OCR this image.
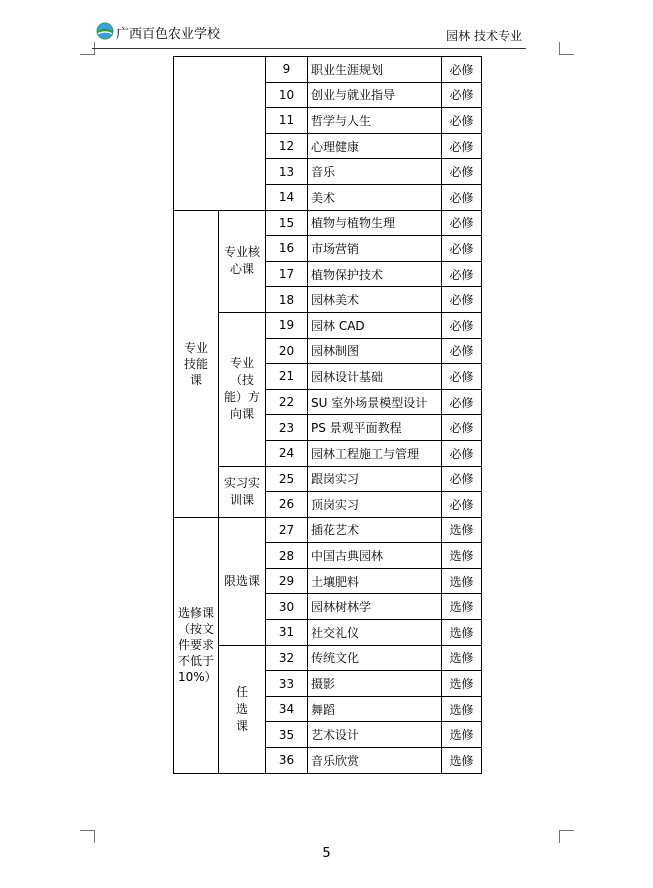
广西百色农业学校	园林 技术专业
		9	职业生涯规划	必修
		10	创业与就业指导	必修
		11	哲学与人生	必修
		12	心理健康	必修
		13	音乐	必修
		14	美术	必修

专业技能课	专业核心课	15	植物与植物生理	必修
		16	市场营销	必修
		17	植物保护技术	必修
		18	园林美术	必修

	专业（技能）方向课	19	园林 CAD	必修
		20	园林制图	必修
		21	园林设计基础	必修
		22	SU 室外场景模型设计	必修
		23	PS 景观平面教程	必修
		24	园林工程施工与管理	必修

	实习实训课	25	跟岗实习	必修
		26	顶岗实习	必修

选修课（按文件要求不低于10%）	限选课	27	插花艺术	选修
		28	中国古典园林	选修
		29	土壤肥料	选修
		30	园林树林学	选修
		31	社交礼仪	选修

	任选课	32	传统文化	选修
		33	摄影	选修
		34	舞蹈	选修
		35	艺术设计	选修
		36	音乐欣赏	选修
5
